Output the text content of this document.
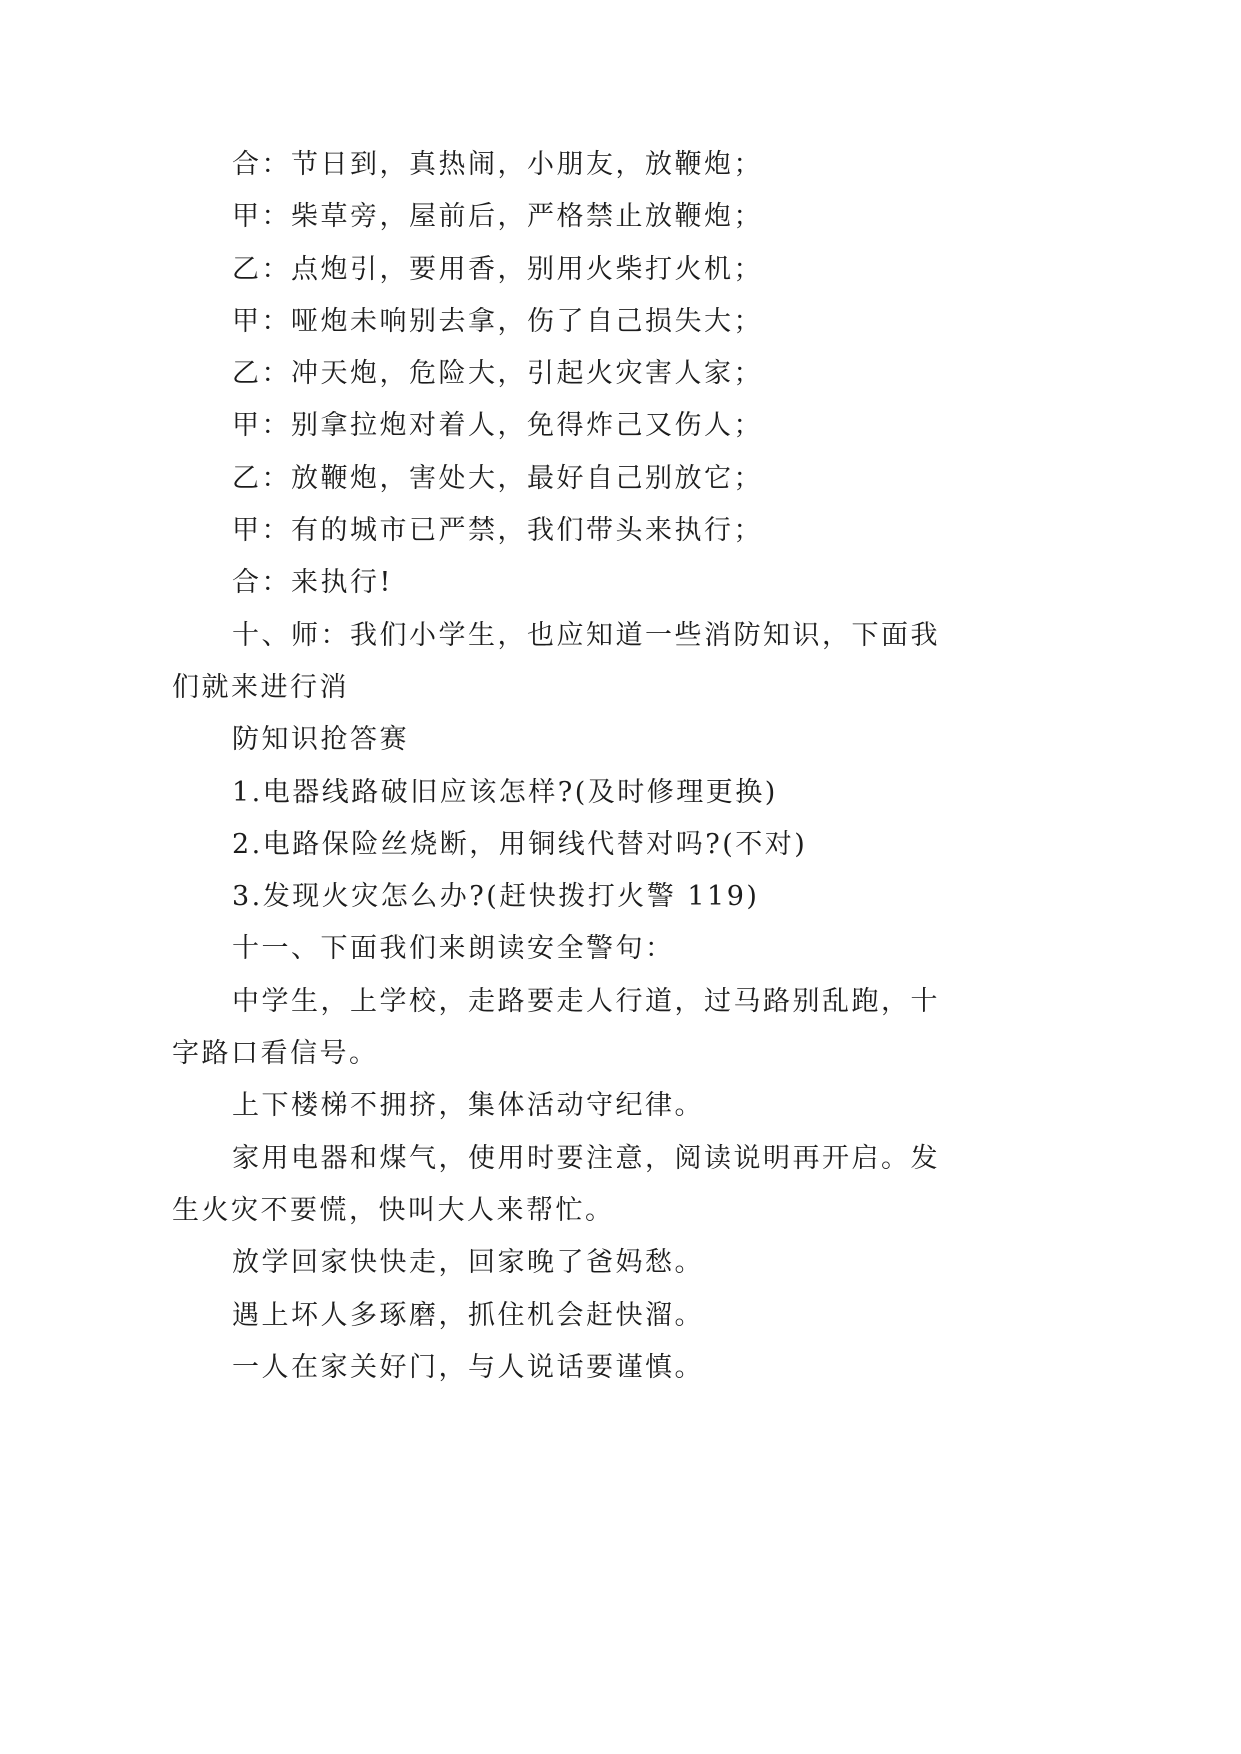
合：节日到，真热闹，小朋友，放鞭炮；
甲：柴草旁，屋前后，严格禁止放鞭炮；
乙：点炮引，要用香，别用火柴打火机；
甲：哑炮未响别去拿，伤了自己损失大；
乙：冲天炮，危险大，引起火灾害人家；
甲：别拿拉炮对着人，免得炸己又伤人；
乙：放鞭炮，害处大，最好自己别放它；
甲：有的城市已严禁，我们带头来执行；
合：来执行!
十、师：我们小学生，也应知道一些消防知识，下面我
们就来进行消
防知识抢答赛
1.电器线路破旧应该怎样?(及时修理更换)
2.电路保险丝烧断，用铜线代替对吗?(不对)
3.发现火灾怎么办?(赶快拨打火警 119)
十一、下面我们来朗读安全警句：
中学生，上学校，走路要走人行道，过马路别乱跑，十
字路口看信号。
上下楼梯不拥挤，集体活动守纪律。
家用电器和煤气，使用时要注意，阅读说明再开启。发
生火灾不要慌，快叫大人来帮忙。
放学回家快快走，回家晚了爸妈愁。
遇上坏人多琢磨，抓住机会赶快溜。
一人在家关好门，与人说话要谨慎。
